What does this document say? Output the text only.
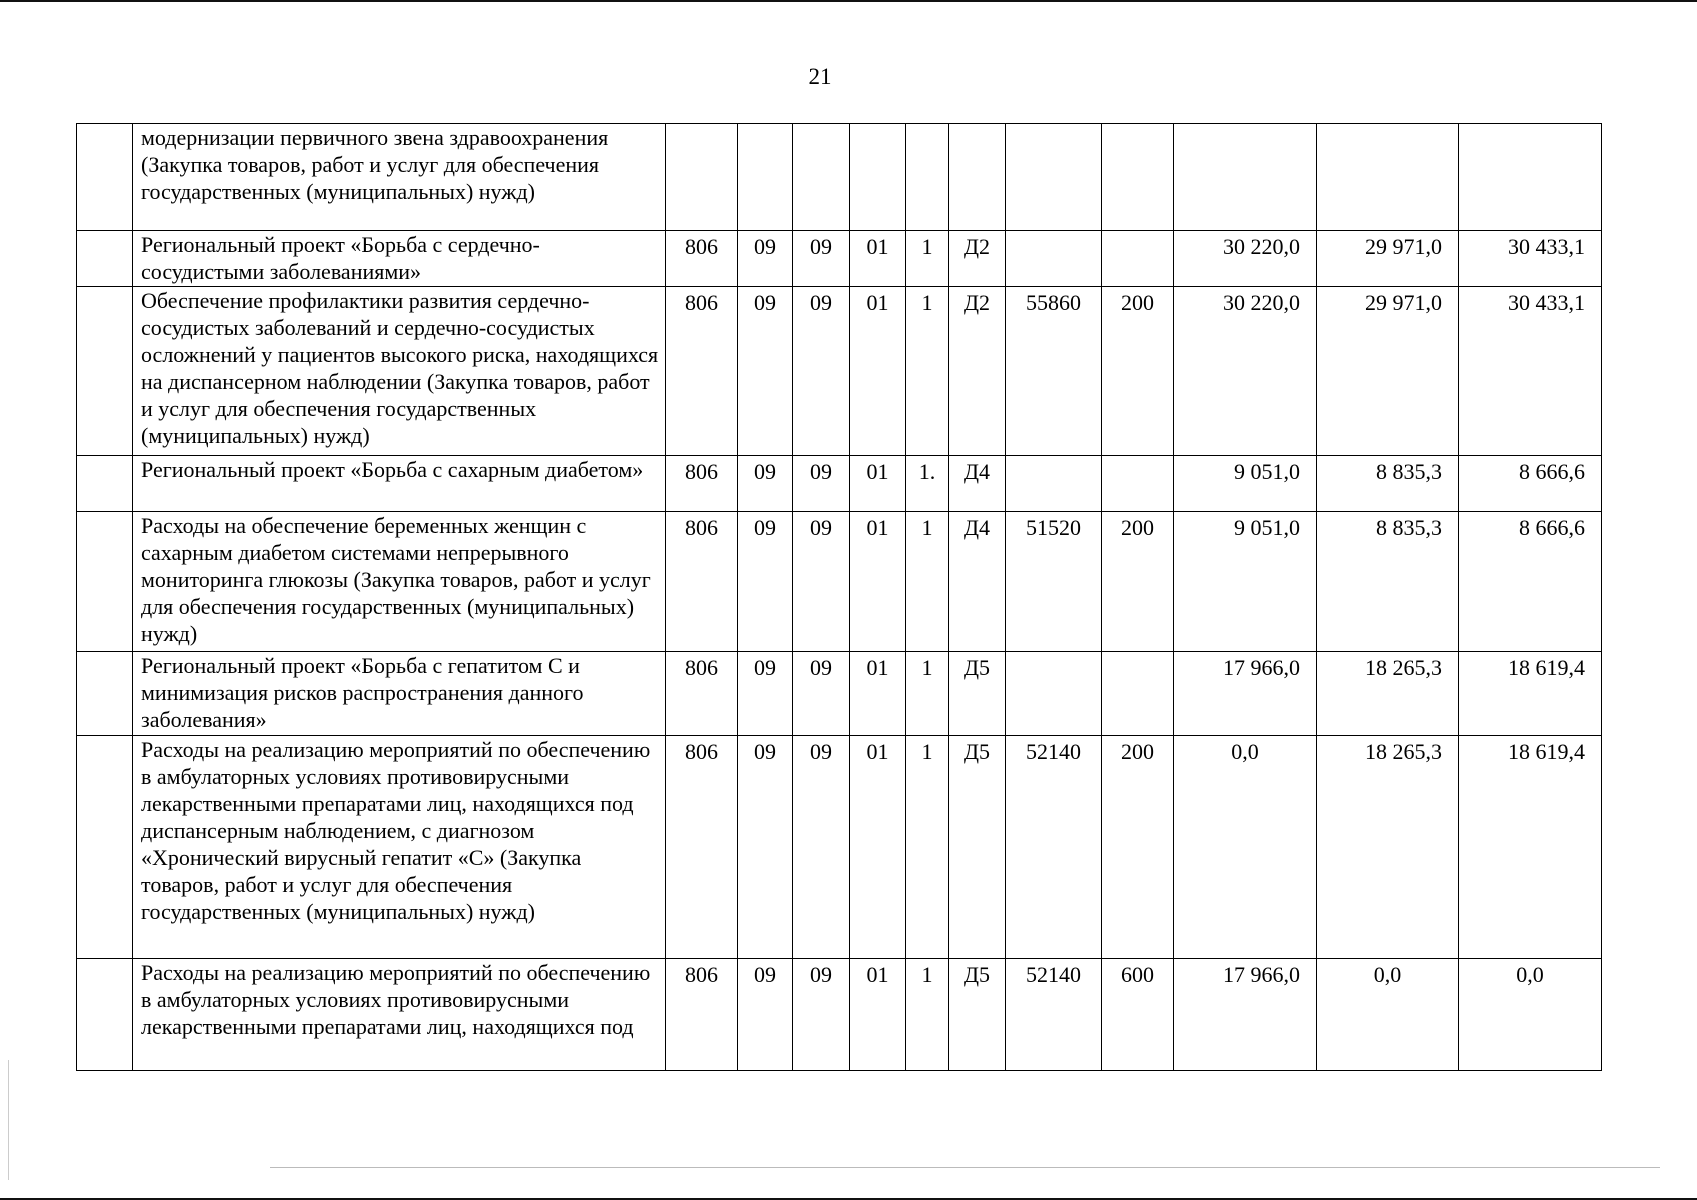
21
	модернизации первичного звена здравоохранения (Закупка товаров, работ и услуг для обеспечения государственных (муниципальных) нужд)											
	Региональный проект «Борьба с сердечно-сосудистыми заболеваниями»	806	09	09	01	1	Д2			30 220,0	29 971,0	30 433,1
	Обеспечение профилактики развития сердечно-сосудистых заболеваний и сердечно-сосудистых осложнений у пациентов высокого риска, находящихся на диспансерном наблюдении (Закупка товаров, работ и услуг для обеспечения государственных (муниципальных) нужд)	806	09	09	01	1	Д2	55860	200	30 220,0	29 971,0	30 433,1
	Региональный проект «Борьба с сахарным диабетом»	806	09	09	01	1.	Д4			9 051,0	8 835,3	8 666,6
	Расходы на обеспечение беременных женщин с сахарным диабетом системами непрерывного мониторинга глюкозы (Закупка товаров, работ и услуг для обеспечения государственных (муниципальных) нужд)	806	09	09	01	1	Д4	51520	200	9 051,0	8 835,3	8 666,6
	Региональный проект «Борьба с гепатитом С и минимизация рисков распространения данного заболевания»	806	09	09	01	1	Д5			17 966,0	18 265,3	18 619,4
	Расходы на реализацию мероприятий по обеспечению в амбулаторных условиях противовирусными лекарственными препаратами лиц, находящихся под диспансерным наблюдением, с диагнозом «Хронический вирусный гепатит «С» (Закупка товаров, работ и услуг для обеспечения государственных (муниципальных) нужд)	806	09	09	01	1	Д5	52140	200	0,0	18 265,3	18 619,4
	Расходы на реализацию мероприятий по обеспечению в амбулаторных условиях противовирусными лекарственными препаратами лиц, находящихся под	806	09	09	01	1	Д5	52140	600	17 966,0	0,0	0,0
